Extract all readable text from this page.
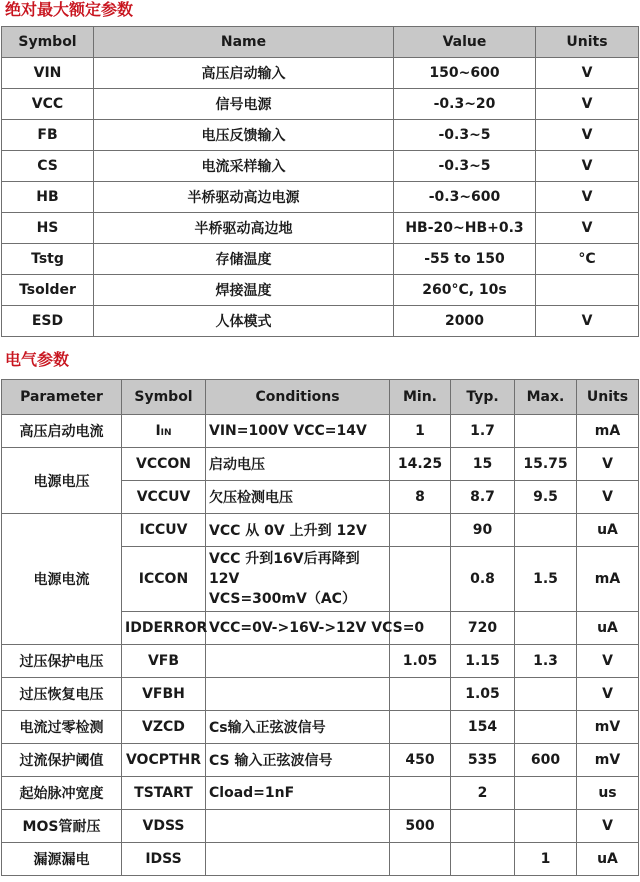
绝对最大额定参数
Symbol	Name	Value	Units
VIN	高压启动输入	150~600	V
VCC	信号电源	-0.3~20	V
FB	电压反馈输入	-0.3~5	V
CS	电流采样输入	-0.3~5	V
HB	半桥驱动高边电源	-0.3~600	V
HS	半桥驱动高边地	HB-20~HB+0.3	V
Tstg	存储温度	-55 to 150	°C
Tsolder	焊接温度	260°C, 10s	
ESD	人体模式	2000	V
电气参数
Parameter	Symbol	Conditions	Min.	Typ.	Max.	Units
高压启动电流	IIN	VIN=100V VCC=14V	1	1.7		mA
电源电压	VCCON	启动电压	14.25	15	15.75	V
	VCCUV	欠压检测电压	8	8.7	9.5	V
电源电流	ICCUV	VCC 从 0V 上升到 12V		90		uA
	ICCON	VCC 升到16V后再降到12V
VCS=300mV（AC）		0.8	1.5	mA
	IDDERROR	VCC=0V->16V->12V VCS=0		720		uA
过压保护电压	VFB		1.05	1.15	1.3	V
过压恢复电压	VFBH			1.05		V
电流过零检测	VZCD	Cs输入正弦波信号		154		mV
过流保护阈值	VOCPTHR	CS 输入正弦波信号	450	535	600	mV
起始脉冲宽度	TSTART	Cload=1nF		2		us
MOS管耐压	VDSS		500			V
漏源漏电	IDSS				1	uA
